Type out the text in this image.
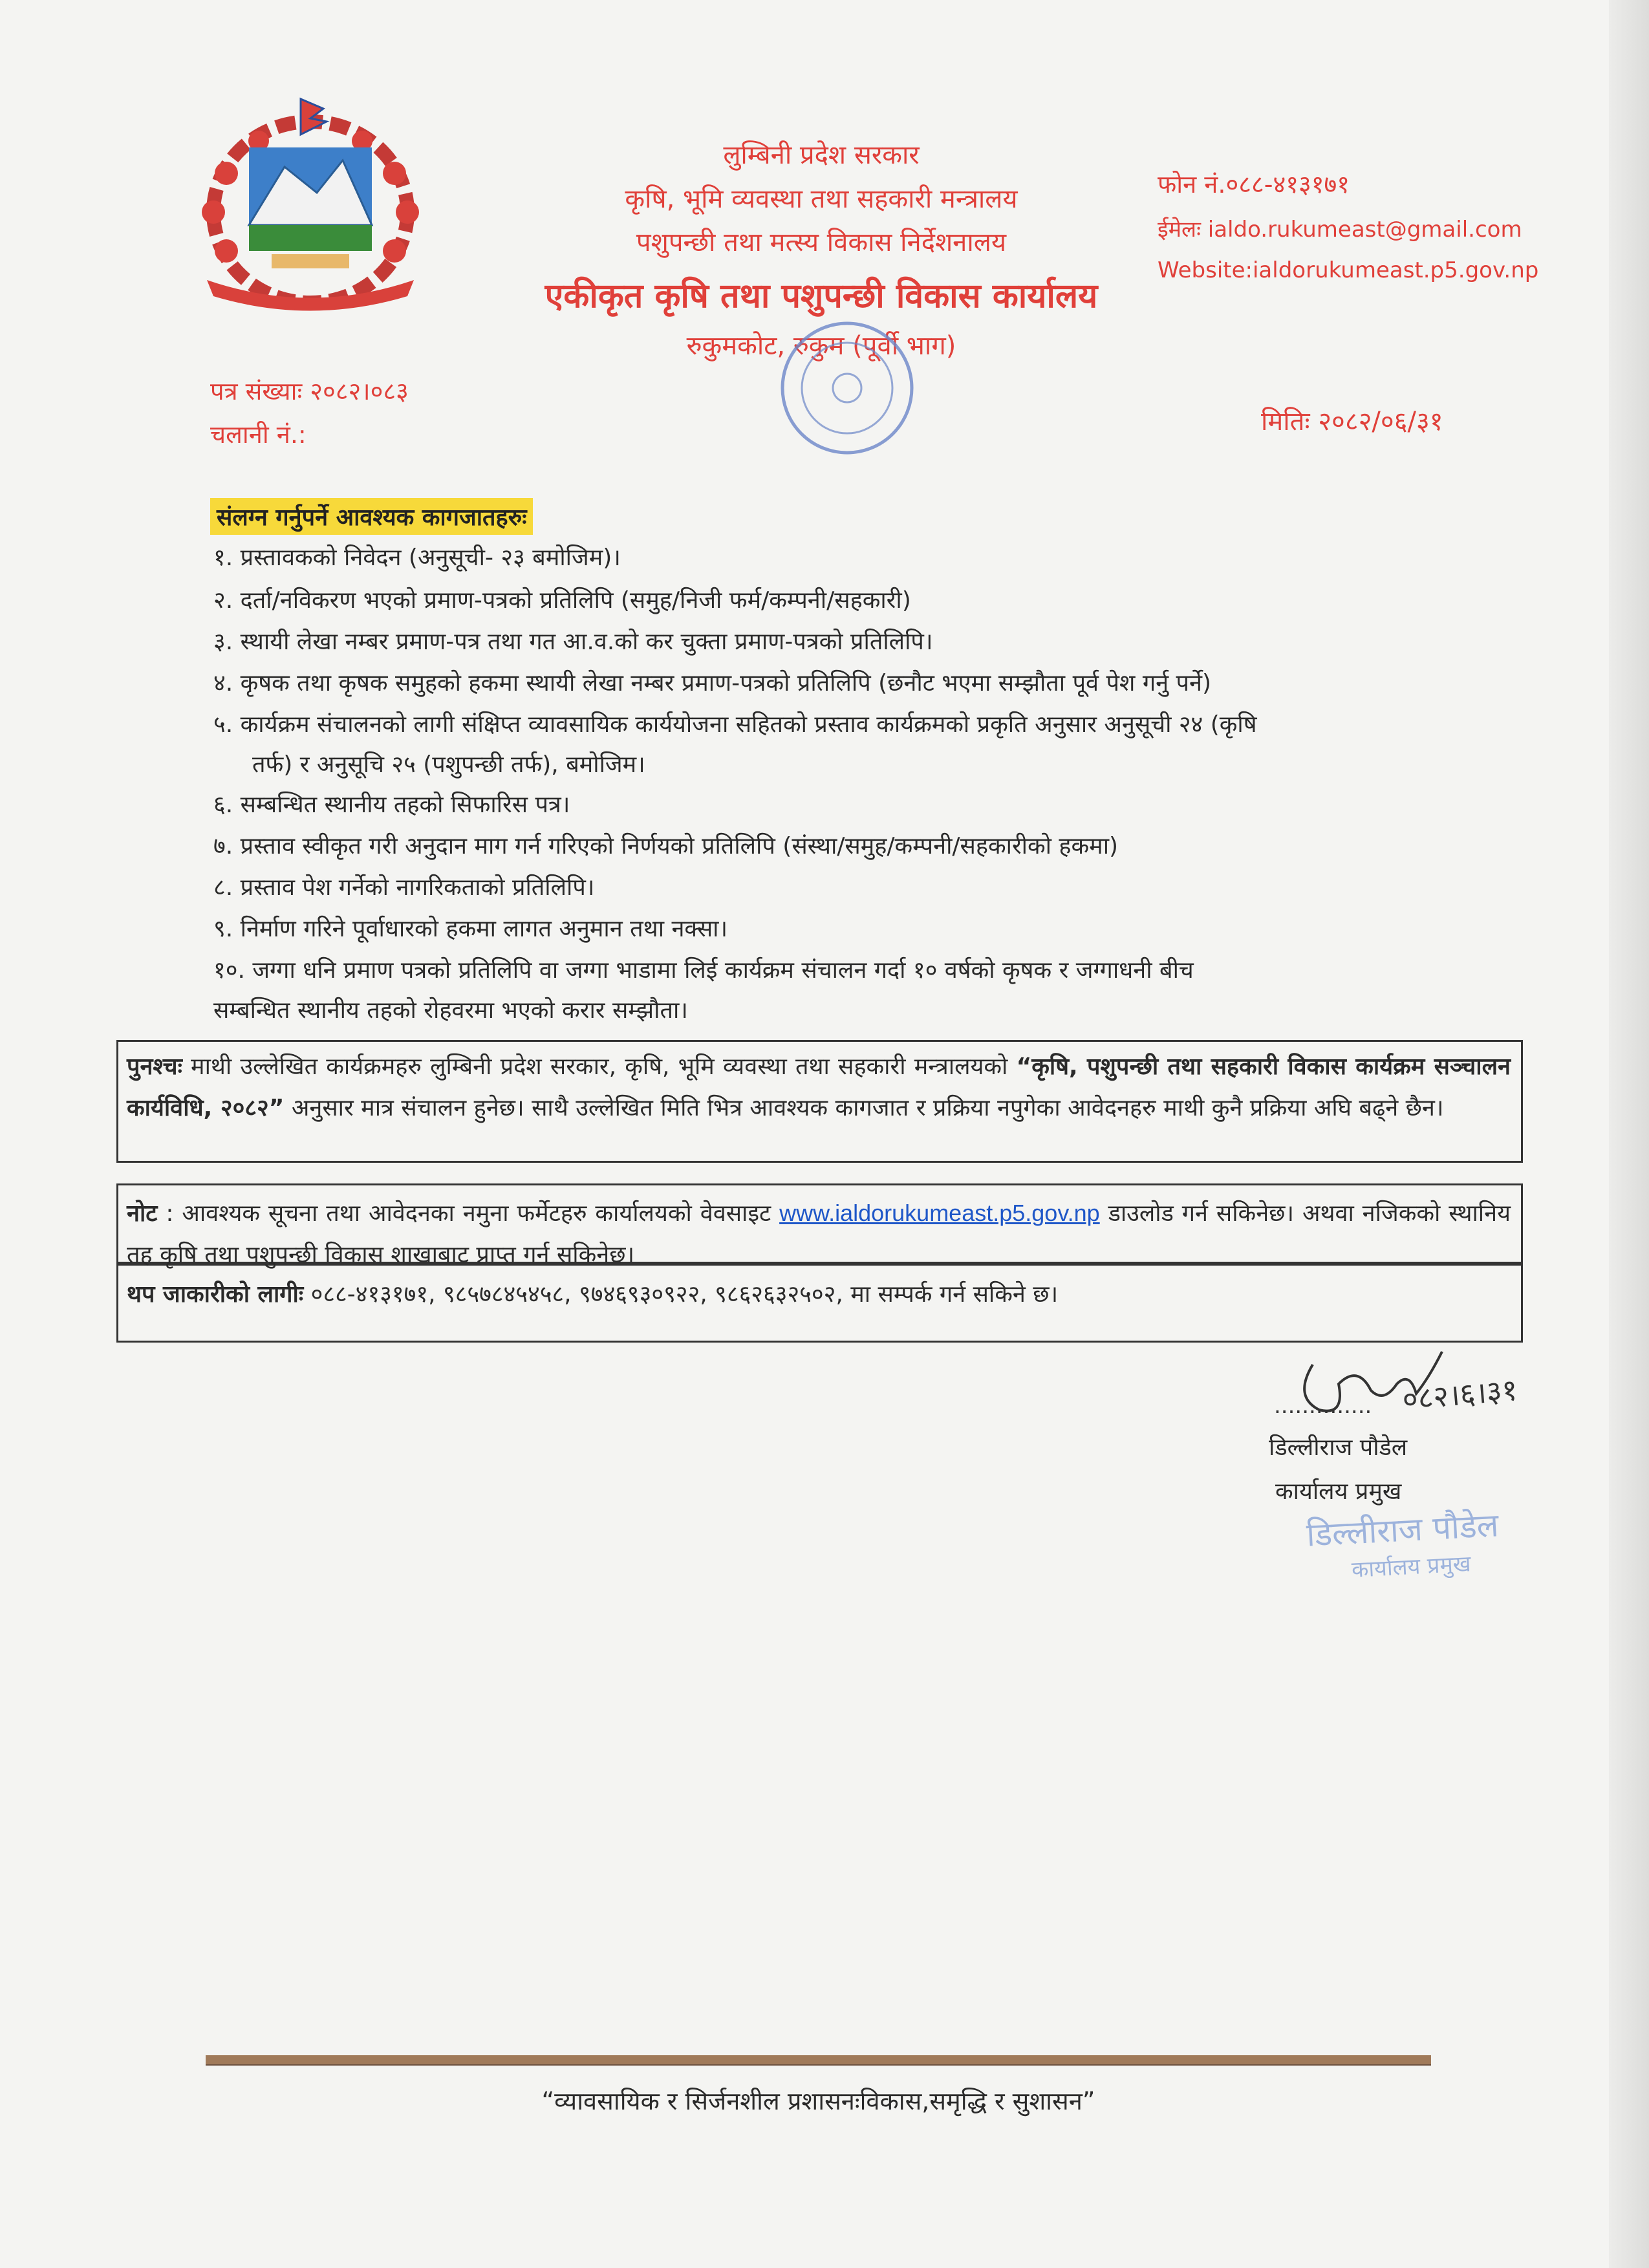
लुम्बिनी प्रदेश सरकार
कृषि, भूमि व्यवस्था तथा सहकारी मन्त्रालय
पशुपन्छी तथा मत्स्य विकास निर्देशनालय
एकीकृत कृषि तथा पशुपन्छी विकास कार्यालय
रुकुमकोट, रुकुम (पूर्वी भाग)
फोन नं.०८८-४१३१७१
ईमेलः ialdo.rukumeast@gmail.com
Website:ialdorukumeast.p5.gov.np
पत्र संख्याः २०८२।०८३
चलानी नं.:	मितिः २०८२/०६/३१
संलग्न गर्नुपर्ने आवश्यक कागजातहरुः
१. प्रस्तावकको निवेदन (अनुसूची- २३ बमोजिम)।
२. दर्ता/नविकरण भएको प्रमाण-पत्रको प्रतिलिपि (समुह/निजी फर्म/कम्पनी/सहकारी)
३. स्थायी लेखा नम्बर प्रमाण-पत्र तथा गत आ.व.को कर चुक्ता प्रमाण-पत्रको प्रतिलिपि।
४. कृषक तथा कृषक समुहको हकमा स्थायी लेखा नम्बर प्रमाण-पत्रको प्रतिलिपि (छनौट भएमा सम्झौता पूर्व पेश गर्नु पर्ने)
५. कार्यक्रम संचालनको लागी संक्षिप्त व्यावसायिक कार्ययोजना सहितको प्रस्ताव कार्यक्रमको प्रकृति अनुसार अनुसूची २४ (कृषि
तर्फ) र अनुसूचि २५ (पशुपन्छी तर्फ), बमोजिम।
६. सम्बन्धित स्थानीय तहको सिफारिस पत्र।
७. प्रस्ताव स्वीकृत गरी अनुदान माग गर्न गरिएको निर्णयको प्रतिलिपि (संस्था/समुह/कम्पनी/सहकारीको हकमा)
८. प्रस्ताव पेश गर्नेको नागरिकताको प्रतिलिपि।
९. निर्माण गरिने पूर्वाधारको हकमा लागत अनुमान तथा नक्सा।
१०. जग्गा धनि प्रमाण पत्रको प्रतिलिपि वा जग्गा भाडामा लिई कार्यक्रम संचालन गर्दा १० वर्षको कृषक र जग्गाधनी बीच
सम्बन्धित स्थानीय तहको रोहवरमा भएको करार सम्झौता।
पुनश्चः माथी उल्लेखित कार्यक्रमहरु लुम्बिनी प्रदेश सरकार, कृषि, भूमि व्यवस्था तथा सहकारी मन्त्रालयको “कृषि, पशुपन्छी तथा सहकारी विकास कार्यक्रम सञ्चालन कार्यविधि, २०८२” अनुसार मात्र संचालन हुनेछ। साथै उल्लेखित मिति भित्र आवश्यक कागजात र प्रक्रिया नपुगेका आवेदनहरु माथी कुनै प्रक्रिया अघि बढ्ने छैन।
नोट : आवश्यक सूचना तथा आवेदनका नमुना फर्मेटहरु कार्यालयको वेवसाइट www.ialdorukumeast.p5.gov.np डाउलोड गर्न सकिनेछ। अथवा नजिकको स्थानिय तह कृषि तथा पशुपन्छी विकास शाखाबाट प्राप्त गर्न सकिनेछ।
थप जाकारीको लागीः ०८८-४१३१७१, ९८५७८४५४५८, ९७४६९३०९२२, ९८६२६३२५०२, मा सम्पर्क गर्न सकिने छ।
.............. ०८२।६।३१
डिल्लीराज पौडेल
कार्यालय प्रमुख
डिल्लीराज पौडेल
कार्यालय प्रमुख
“व्यावसायिक र सिर्जनशील प्रशासनःविकास,समृद्धि र सुशासन”
